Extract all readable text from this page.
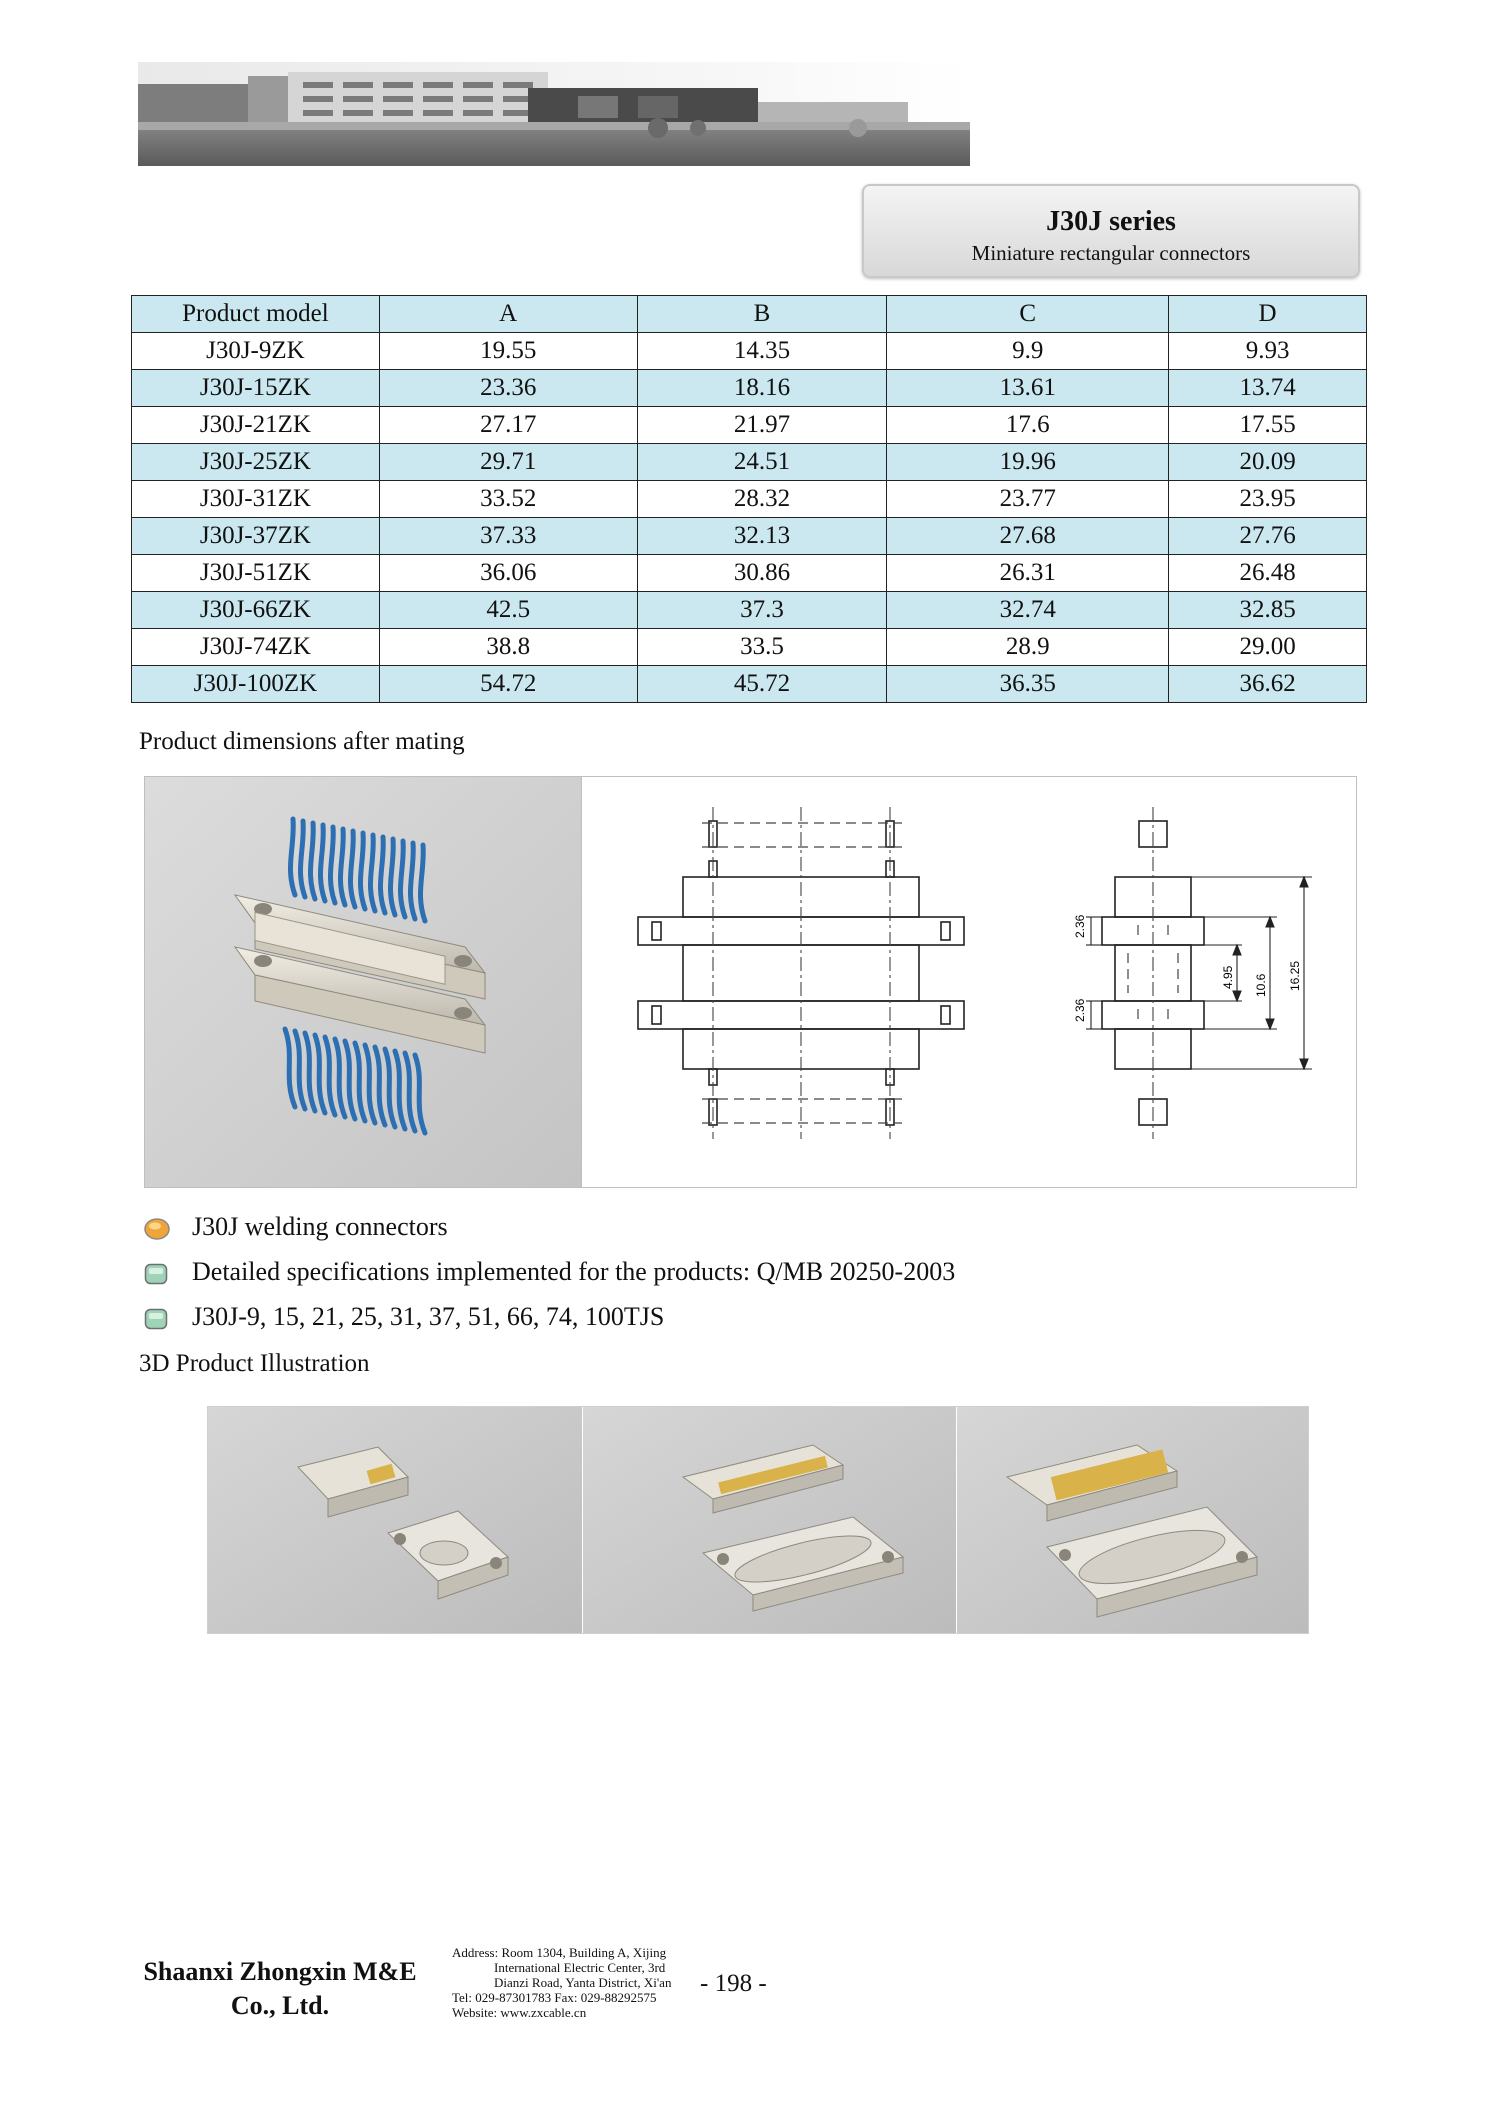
J30J series
Miniature rectangular connectors
Product model	A	B	C	D
J30J-9ZK	19.55	14.35	9.9	9.93
J30J-15ZK	23.36	18.16	13.61	13.74
J30J-21ZK	27.17	21.97	17.6	17.55
J30J-25ZK	29.71	24.51	19.96	20.09
J30J-31ZK	33.52	28.32	23.77	23.95
J30J-37ZK	37.33	32.13	27.68	27.76
J30J-51ZK	36.06	30.86	26.31	26.48
J30J-66ZK	42.5	37.3	32.74	32.85
J30J-74ZK	38.8	33.5	28.9	29.00
J30J-100ZK	54.72	45.72	36.35	36.62
Product dimensions after mating
2.36
2.36
4.95 10.6 16.25
J30J welding connectors
Detailed specifications implemented for the products: Q/MB 20250-2003
J30J-9, 15, 21, 25, 31, 37, 51, 66, 74, 100TJS
3D Product Illustration
Shaanxi Zhongxin M&E
Co., Ltd.
Address: Room 1304, Building A, Xijing
International Electric Center, 3rd
Dianzi Road, Yanta District, Xi'an
Tel: 029-87301783 Fax: 029-88292575
Website: www.zxcable.cn
- 198 -
